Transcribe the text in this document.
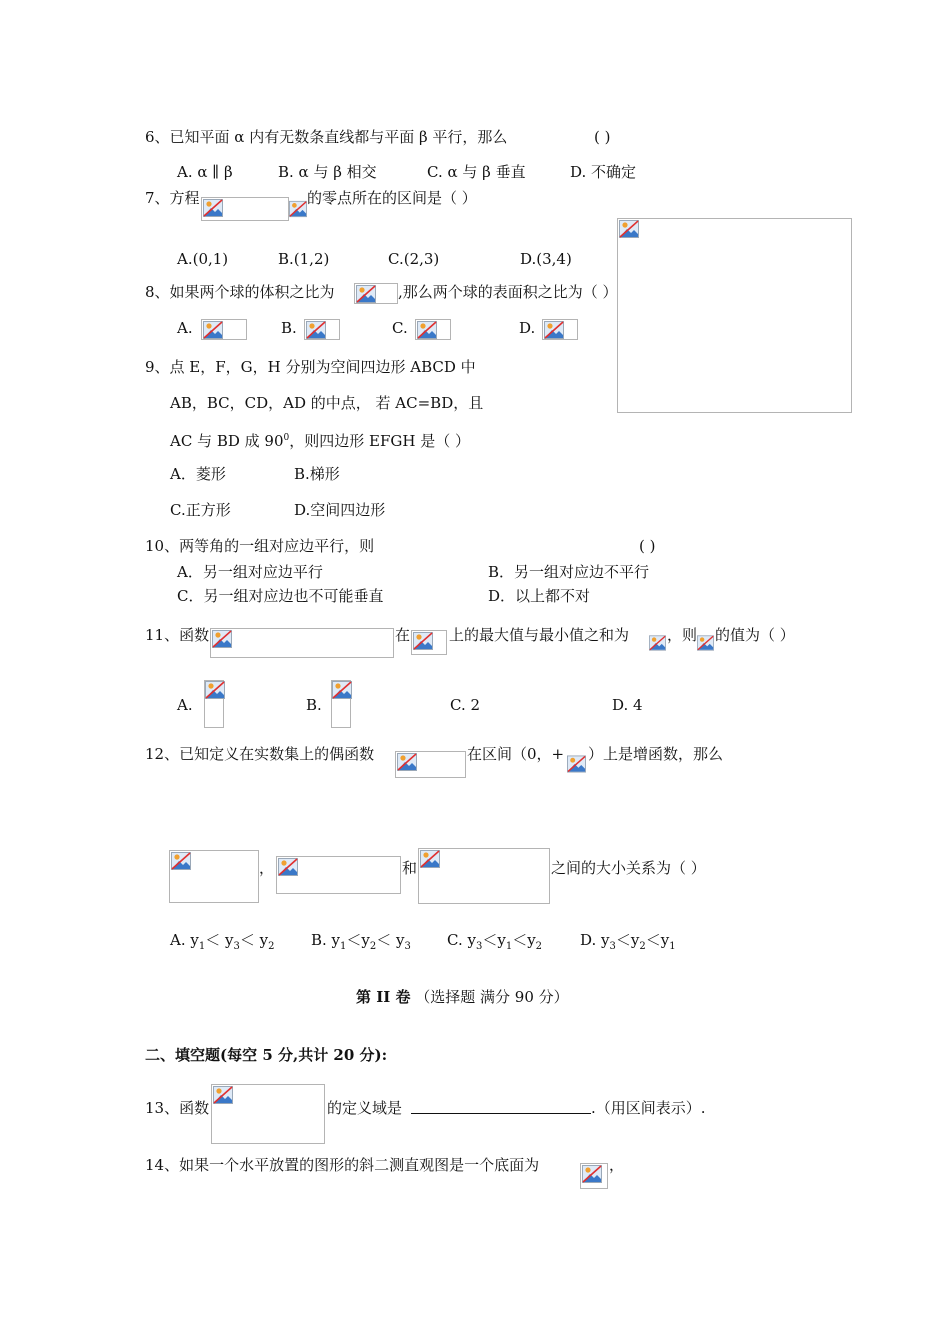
6、已知平面 α 内有无数条直线都与平面 β 平行，那么	( )
A. α ∥ β	B. α 与 β 相交	C. α 与 β 垂直	D. 不确定
7、方程	的零点所在的区间是（ ）
A.(0,1)	B.(1,2)	C.(2,3)	D.(3,4)
8、如果两个球的体积之比为	,那么两个球的表面积之比为（ ）
A.	B.	C.	D.
9、点 E，F，G，H 分别为空间四边形 ABCD 中
AB，BC，CD，AD 的中点， 若 AC=BD，且
AC 与 BD 成 $90^0$，则四边形 EFGH 是（ ）
A．菱形	B.梯形
C.正方形	D.空间四边形
10、两等角的一组对应边平行，则	( )
A．另一组对应边平行	B．另一组对应边不平行
C．另一组对应边也不可能垂直	D．以上都不对
11、函数	在	上的最大值与最小值之和为	，则 的值为（ ）
A.	B.	C. 2	D. 4
12、已知定义在实数集上的偶函数	在区间（0，+ ）上是增函数，那么
，	和	之间的大小关系为（ ）
A. $y_1< y_3< y_2$ B. $y_1<y_2< y_3$ C. $y_3<y_1<y_2$	D. $y_3<y_2<y_1$
第 II 卷 （选择题 满分 90 分）
二、填空题(每空 5 分,共计 20 分):
13、函数	的定义域是	.（用区间表示）.
14、如果一个水平放置的图形的斜二测直观图是一个底面为	，
